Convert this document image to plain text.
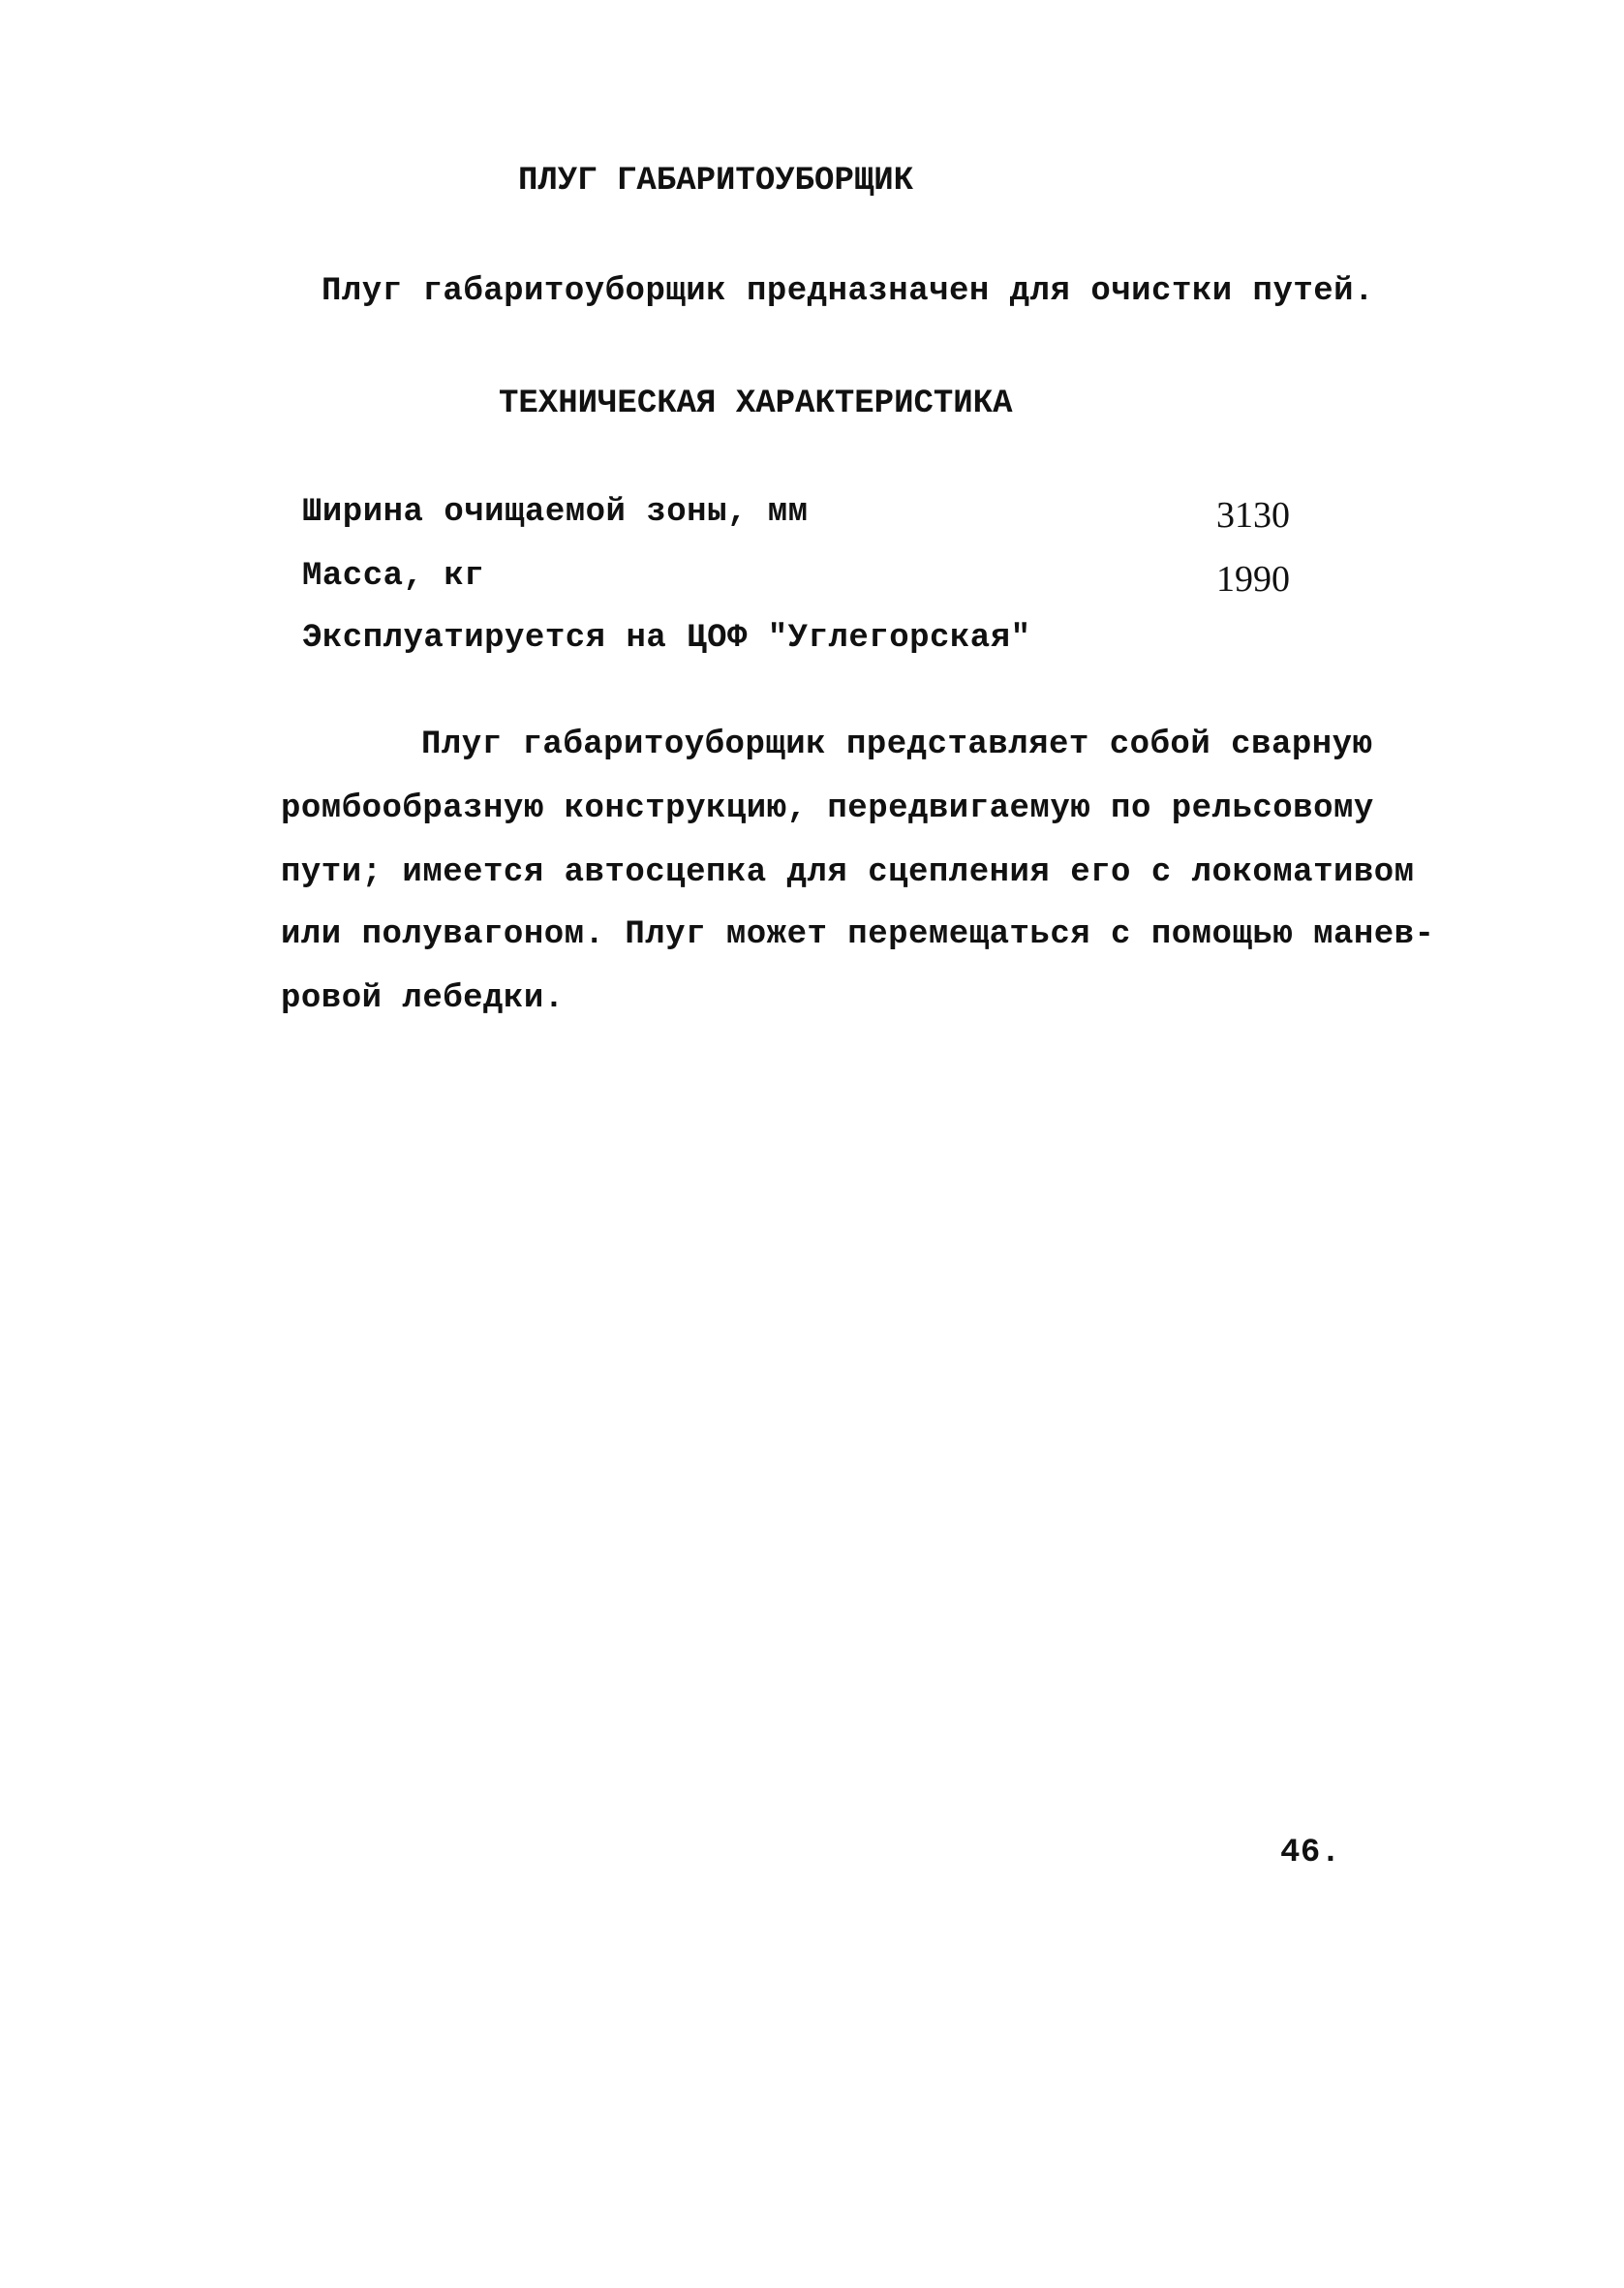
ПЛУГ ГАБАРИТОУБОРЩИК
Плуг габаритоуборщик предназначен для очистки путей.
ТЕХНИЧЕСКАЯ ХАРАКТЕРИСТИКА
Ширина очищаемой зоны, мм	3130
Масса, кг	1990
Эксплуатируется на ЦОФ "Углегорская"
Плуг габаритоуборщик представляет собой сварную
ромбообразную конструкцию, передвигаемую по рельсовому
пути; имеется автосцепка для сцепления его с локомативом
или полувагоном. Плуг может перемещаться с помощью манев-
ровой лебедки.
46.
